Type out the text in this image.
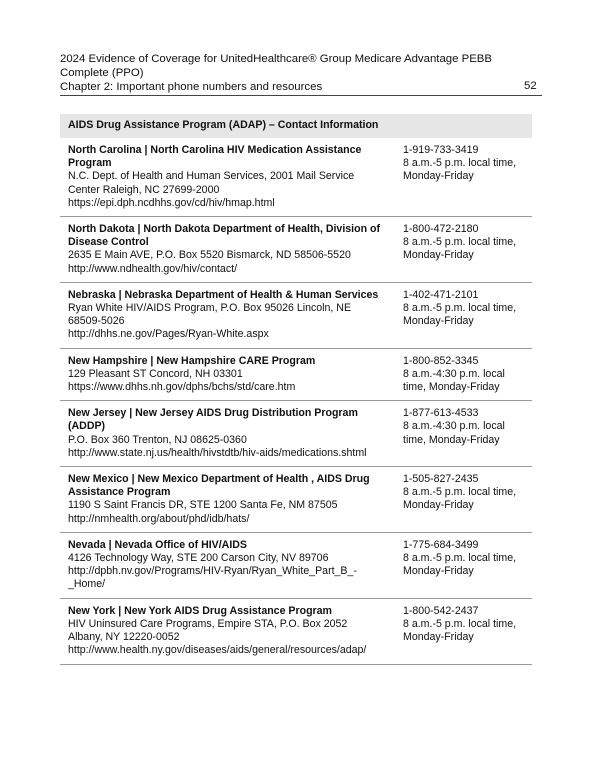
2024 Evidence of Coverage for UnitedHealthcare® Group Medicare Advantage PEBB Complete (PPO)
Chapter 2: Important phone numbers and resources	52
AIDS Drug Assistance Program (ADAP) – Contact Information	

North Carolina | North Carolina HIV Medication Assistance Program
N.C. Dept. of Health and Human Services, 2001 Mail Service Center Raleigh, NC 27699-2000
https://epi.dph.ncdhhs.gov/cd/hiv/hmap.html	1-919-733-3419
8 a.m.-5 p.m. local time, Monday-Friday

North Dakota | North Dakota Department of Health, Division of Disease Control
2635 E Main AVE, P.O. Box 5520 Bismarck, ND 58506-5520
http://www.ndhealth.gov/hiv/contact/	1-800-472-2180
8 a.m.-5 p.m. local time, Monday-Friday

Nebraska | Nebraska Department of Health & Human Services
Ryan White HIV/AIDS Program, P.O. Box 95026 Lincoln, NE 68509-5026
http://dhhs.ne.gov/Pages/Ryan-White.aspx	1-402-471-2101
8 a.m.-5 p.m. local time, Monday-Friday

New Hampshire | New Hampshire CARE Program
129 Pleasant ST Concord, NH 03301
https://www.dhhs.nh.gov/dphs/bchs/std/care.htm	1-800-852-3345
8 a.m.-4:30 p.m. local time, Monday-Friday

New Jersey | New Jersey AIDS Drug Distribution Program (ADDP)
P.O. Box 360 Trenton, NJ 08625-0360
http://www.state.nj.us/health/hivstdtb/hiv-aids/medications.shtml	1-877-613-4533
8 a.m.-4:30 p.m. local time, Monday-Friday

New Mexico | New Mexico Department of Health , AIDS Drug Assistance Program
1190 S Saint Francis DR, STE 1200 Santa Fe, NM 87505
http://nmhealth.org/about/phd/idb/hats/	1-505-827-2435
8 a.m.-5 p.m. local time, Monday-Friday

Nevada | Nevada Office of HIV/AIDS
4126 Technology Way, STE 200 Carson City, NV 89706
http://dpbh.nv.gov/Programs/HIV-Ryan/Ryan_White_Part_B_-_Home/	1-775-684-3499
8 a.m.-5 p.m. local time, Monday-Friday

New York | New York AIDS Drug Assistance Program
HIV Uninsured Care Programs, Empire STA, P.O. Box 2052 Albany, NY 12220-0052
http://www.health.ny.gov/diseases/aids/general/resources/adap/	1-800-542-2437
8 a.m.-5 p.m. local time, Monday-Friday
